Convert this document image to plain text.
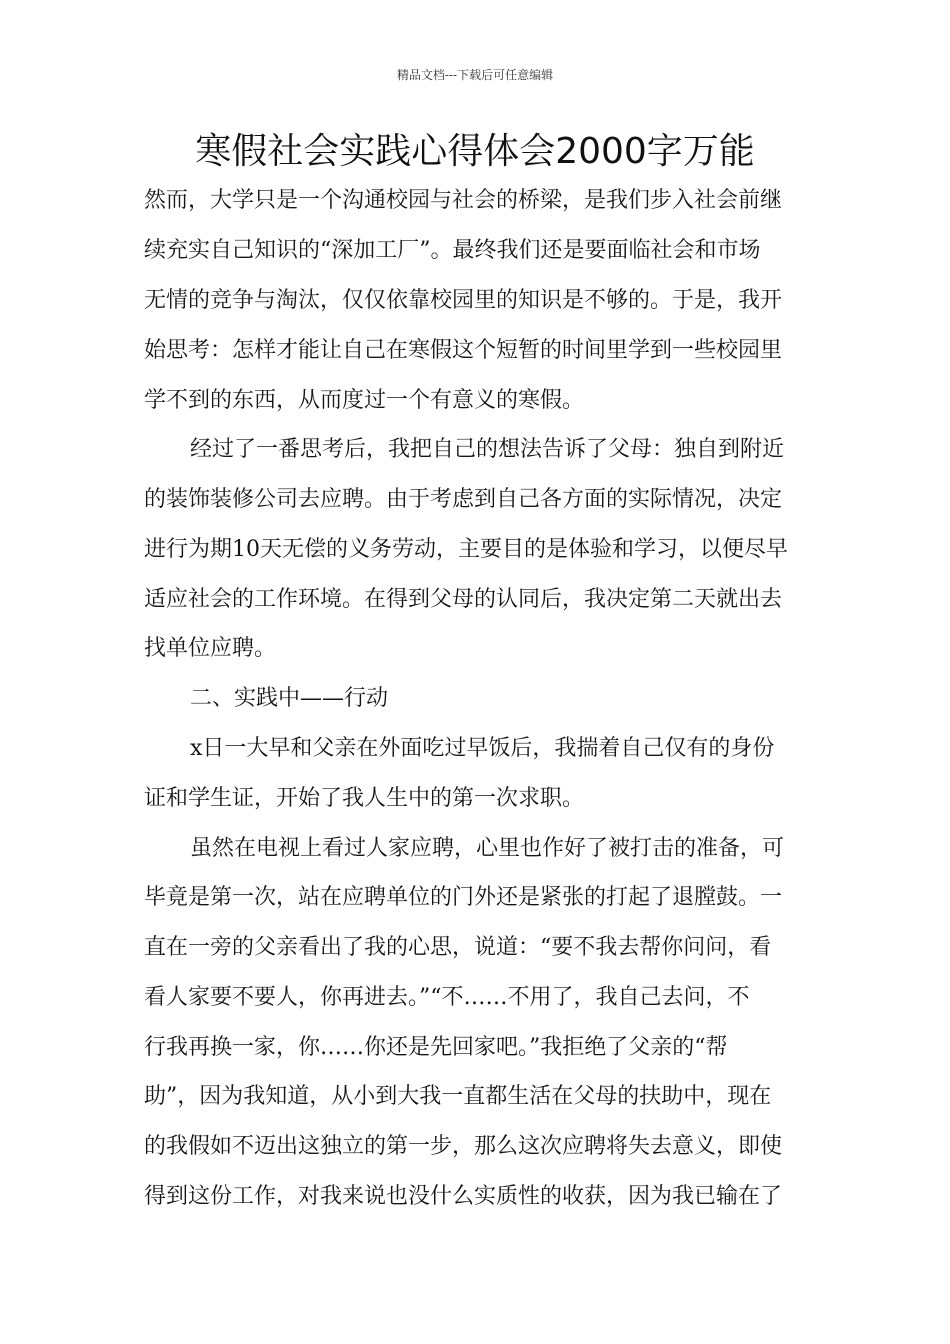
精品文档---下载后可任意编辑
寒假社会实践心得体会2000字万能
然而，大学只是一个沟通校园与社会的桥梁，是我们步入社会前继
续充实自己知识的“深加工厂”。最终我们还是要面临社会和市场
无情的竞争与淘汰，仅仅依靠校园里的知识是不够的。于是，我开
始思考：怎样才能让自己在寒假这个短暂的时间里学到一些校园里
学不到的东西，从而度过一个有意义的寒假。
经过了一番思考后，我把自己的想法告诉了父母：独自到附近
的装饰装修公司去应聘。由于考虑到自己各方面的实际情况，决定
进行为期10天无偿的义务劳动，主要目的是体验和学习，以便尽早
适应社会的工作环境。在得到父母的认同后，我决定第二天就出去
找单位应聘。
二、实践中——行动
x日一大早和父亲在外面吃过早饭后，我揣着自己仅有的身份
证和学生证，开始了我人生中的第一次求职。
虽然在电视上看过人家应聘，心里也作好了被打击的准备，可
毕竟是第一次，站在应聘单位的门外还是紧张的打起了退膛鼓。一
直在一旁的父亲看出了我的心思，说道：“要不我去帮你问问，看
看人家要不要人，你再进去。”“不……不用了，我自己去问，不
行我再换一家，你……你还是先回家吧。”我拒绝了父亲的“帮
助”，因为我知道，从小到大我一直都生活在父母的扶助中，现在
的我假如不迈出这独立的第一步，那么这次应聘将失去意义，即使
得到这份工作，对我来说也没什么实质性的收获，因为我已输在了
